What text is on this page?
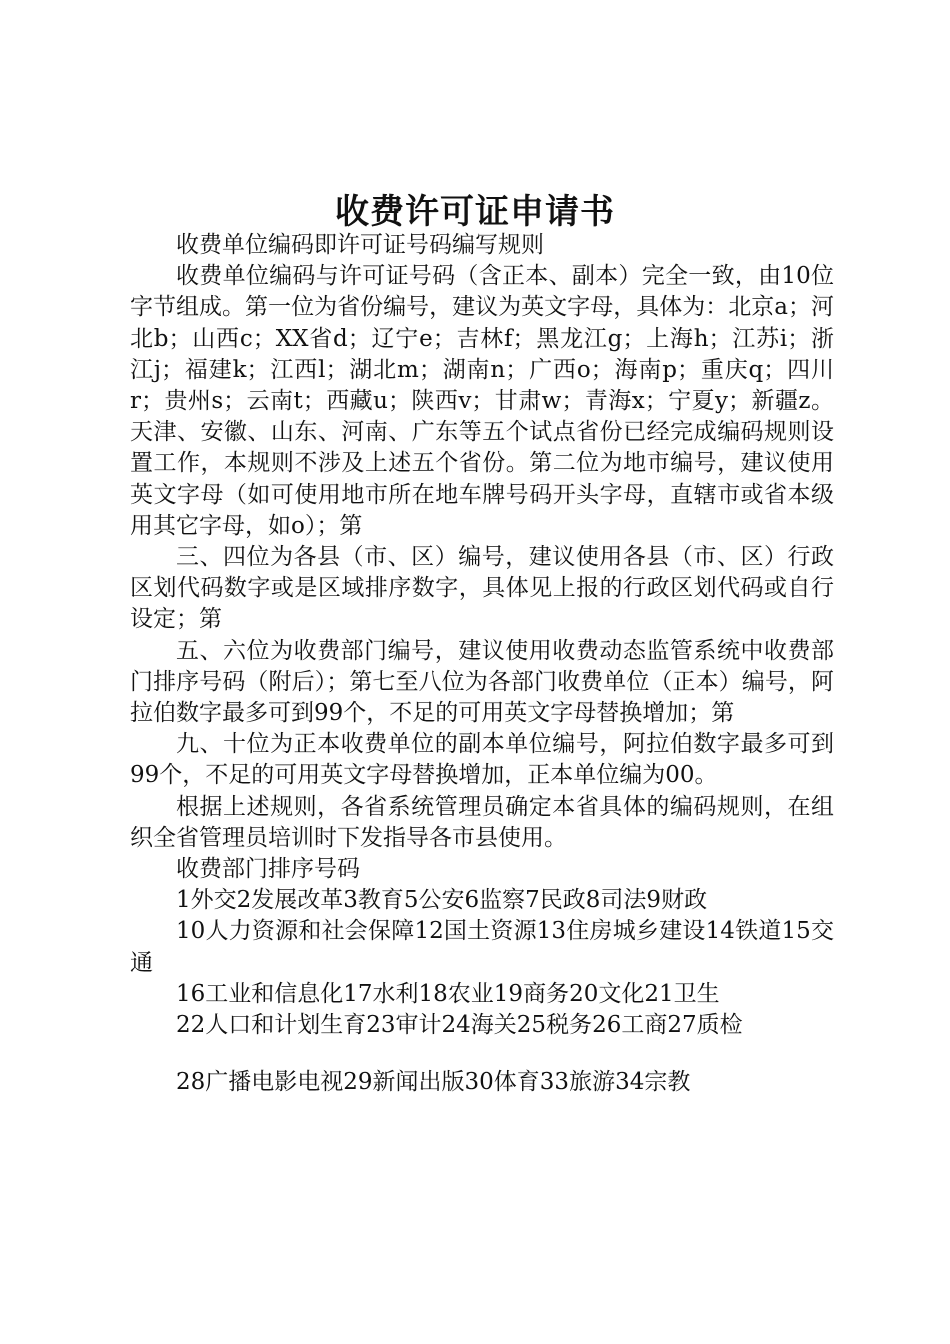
收费许可证申请书

收费单位编码即许可证号码编写规则

收费单位编码与许可证号码（含正本、副本）完全一致，由10位字节组成。第一位为省份编号，建议为英文字母，具体为：北京a；河北b；山西c；XX省d；辽宁e；吉林f；黑龙江g；上海h；江苏i；浙江j；福建k；江西l；湖北m；湖南n；广西o；海南p；重庆q；四川r；贵州s；云南t；西藏u；陕西v；甘肃w；青海x；宁夏y；新疆z。天津、安徽、山东、河南、广东等五个试点省份已经完成编码规则设置工作，本规则不涉及上述五个省份。第二位为地市编号，建议使用英文字母（如可使用地市所在地车牌号码开头字母，直辖市或省本级用其它字母，如o）；第

三、四位为各县（市、区）编号，建议使用各县（市、区）行政区划代码数字或是区域排序数字，具体见上报的行政区划代码或自行设定；第

五、六位为收费部门编号，建议使用收费动态监管系统中收费部门排序号码（附后）；第七至八位为各部门收费单位（正本）编号，阿拉伯数字最多可到99个，不足的可用英文字母替换增加；第

九、十位为正本收费单位的副本单位编号，阿拉伯数字最多可到99个，不足的可用英文字母替换增加，正本单位编为00。

根据上述规则，各省系统管理员确定本省具体的编码规则，在组织全省管理员培训时下发指导各市县使用。

收费部门排序号码

1外交2发展改革3教育5公安6监察7民政8司法9财政

10人力资源和社会保障12国土资源13住房城乡建设14铁道15交通

16工业和信息化17水利18农业19商务20文化21卫生

22人口和计划生育23审计24海关25税务26工商27质检

28广播电影电视29新闻出版30体育33旅游34宗教
